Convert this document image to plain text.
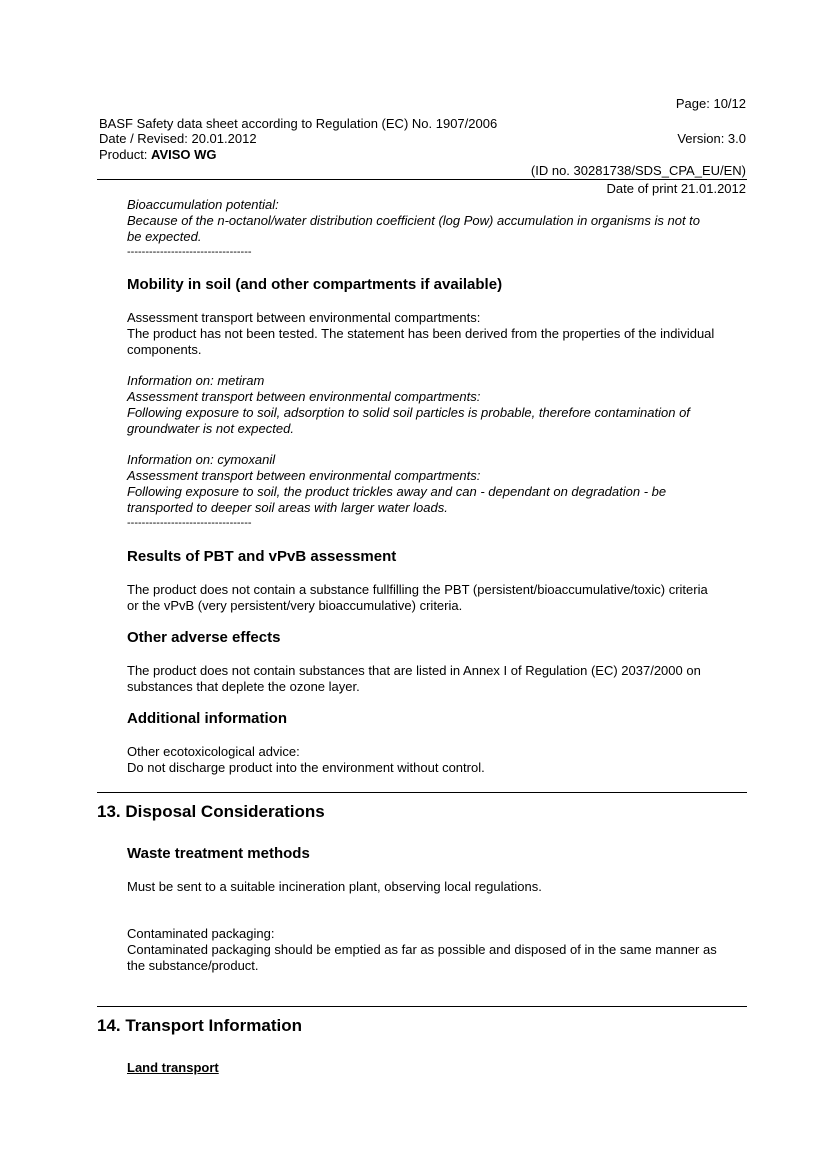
Page: 10/12
BASF Safety data sheet according to Regulation (EC) No. 1907/2006
Date / Revised: 20.01.2012	Version: 3.0
Product: AVISO WG
(ID no. 30281738/SDS_CPA_EU/EN)
Date of print 21.01.2012
Bioaccumulation potential:
Because of the n-octanol/water distribution coefficient (log Pow) accumulation in organisms is not to
be expected.
----------------------------------
Mobility in soil (and other compartments if available)
Assessment transport between environmental compartments:
The product has not been tested. The statement has been derived from the properties of the individual
components.
Information on: metiram
Assessment transport between environmental compartments:
Following exposure to soil, adsorption to solid soil particles is probable, therefore contamination of
groundwater is not expected.
Information on: cymoxanil
Assessment transport between environmental compartments:
Following exposure to soil, the product trickles away and can - dependant on degradation - be
transported to deeper soil areas with larger water loads.
----------------------------------
Results of PBT and vPvB assessment
The product does not contain a substance fullfilling the PBT (persistent/bioaccumulative/toxic) criteria
or the vPvB (very persistent/very bioaccumulative) criteria.
Other adverse effects
The product does not contain substances that are listed in Annex I of Regulation (EC) 2037/2000 on
substances that deplete the ozone layer.
Additional information
Other ecotoxicological advice:
Do not discharge product into the environment without control.
13. Disposal Considerations
Waste treatment methods
Must be sent to a suitable incineration plant, observing local regulations.
Contaminated packaging:
Contaminated packaging should be emptied as far as possible and disposed of in the same manner as
the substance/product.
14. Transport Information
Land transport
